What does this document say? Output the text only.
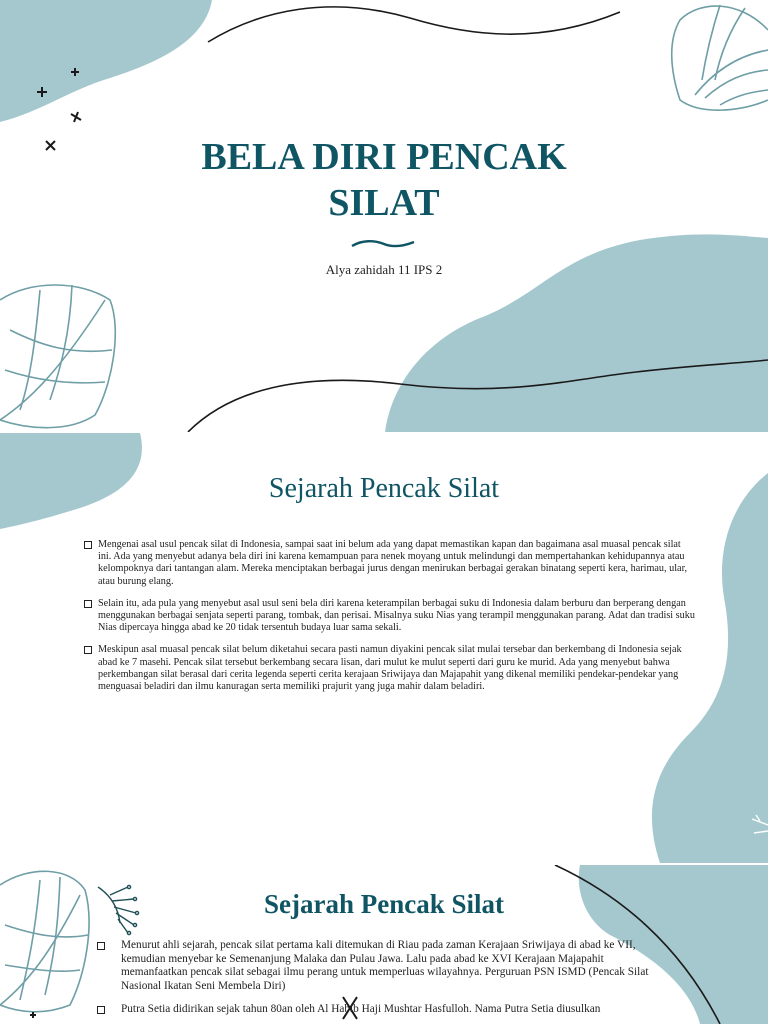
BELA DIRI PENCAK
SILAT

Alya zahidah 11 IPS 2

Sejarah Pencak Silat
Mengenai asal usul pencak silat di Indonesia, sampai saat ini belum ada yang dapat memastikan kapan dan bagaimana asal muasal pencak silat ini. Ada yang menyebut adanya bela diri ini karena kemampuan para nenek moyang untuk melindungi dan mempertahankan kehidupannya atau kelompoknya dari tantangan alam. Mereka menciptakan berbagai jurus dengan menirukan berbagai gerakan binatang seperti kera, harimau, ular, atau burung elang.
Selain itu, ada pula yang menyebut asal usul seni bela diri karena keterampilan berbagai suku di Indonesia dalam berburu dan berperang dengan menggunakan berbagai senjata seperti parang, tombak, dan perisai. Misalnya suku Nias yang terampil menggunakan parang. Adat dan tradisi suku Nias dipercaya hingga abad ke 20 tidak tersentuh budaya luar sama sekali.
Meskipun asal muasal pencak silat belum diketahui secara pasti namun diyakini pencak silat mulai tersebar dan berkembang di Indonesia sejak abad ke 7 masehi. Pencak silat tersebut berkembang secara lisan, dari mulut ke mulut seperti dari guru ke murid. Ada yang menyebut bahwa perkembangan silat berasal dari cerita legenda seperti cerita kerajaan Sriwijaya dan Majapahit yang dikenal memiliki pendekar-pendekar yang menguasai beladiri dan ilmu kanuragan serta memiliki prajurit yang juga mahir dalam beladiri.
Sejarah Pencak Silat
Menurut ahli sejarah, pencak silat pertama kali ditemukan di Riau pada zaman Kerajaan Sriwijaya di abad ke VII, kemudian menyebar ke Semenanjung Malaka dan Pulau Jawa. Lalu pada abad ke XVI Kerajaan Majapahit memanfaatkan pencak silat sebagai ilmu perang untuk memperluas wilayahnya. Perguruan PSN ISMD (Pencak Silat Nasional Ikatan Seni Membela Diri)
Putra Setia didirikan sejak tahun 80an oleh Al Habib Haji Mushtar Hasfulloh. Nama Putra Setia diusulkan
